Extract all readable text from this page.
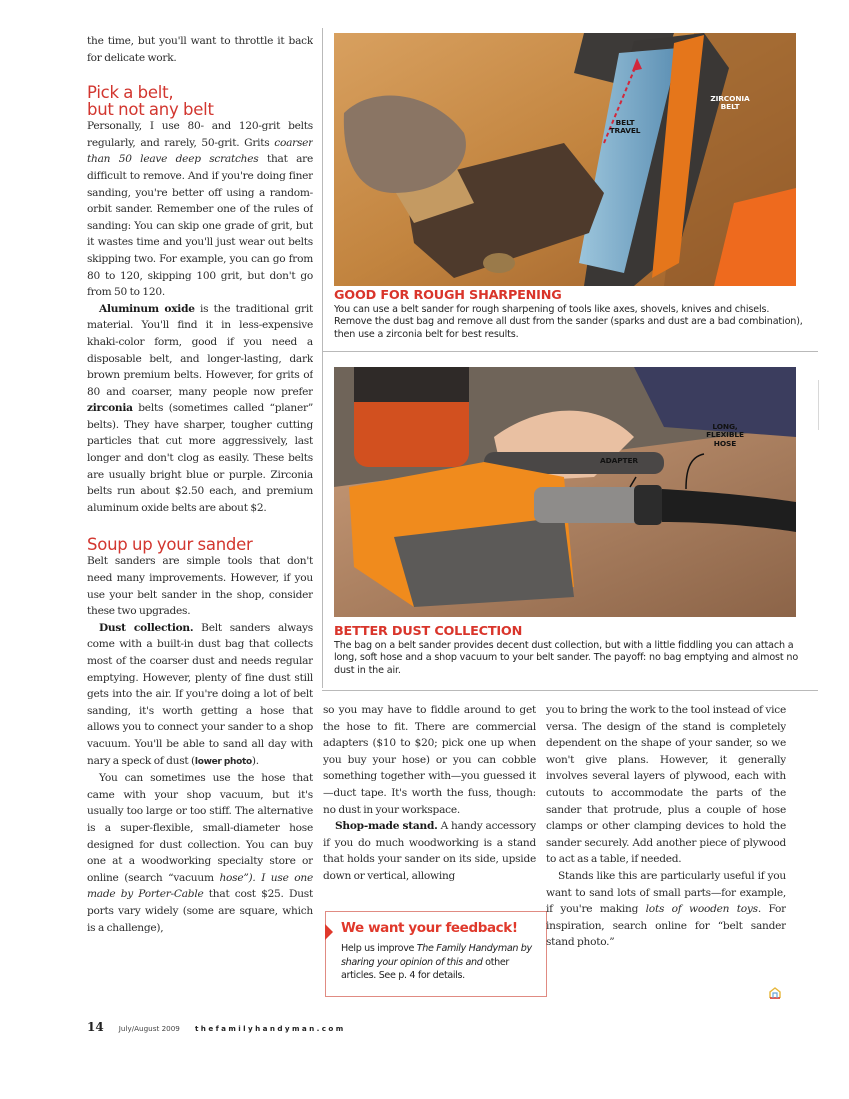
the time, but you'll want to throttle it back for delicate work.

Pick a belt,
but not any belt

Personally, I use 80- and 120-grit belts regularly, and rarely, 50-grit. Grits coarser than 50 leave deep scratches that are difficult to remove. And if you're doing finer sanding, you're better off using a random-orbit sander. Remember one of the rules of sanding: You can skip one grade of grit, but it wastes time and you'll just wear out belts skipping two. For example, you can go from 80 to 120, skipping 100 grit, but don't go from 50 to 120.

Aluminum oxide is the traditional grit material. You'll find it in less-expensive khaki-color form, good if you need a disposable belt, and longer-lasting, dark brown premium belts. However, for grits of 80 and coarser, many people now prefer zirconia belts (sometimes called “planer” belts). They have sharper, tougher cutting particles that cut more aggressively, last longer and don't clog as easily. These belts are usually bright blue or purple. Zirconia belts run about $2.50 each, and premium aluminum oxide belts are about $2.

Soup up your sander

Belt sanders are simple tools that don't need many improvements. However, if you use your belt sander in the shop, consider these two upgrades.

Dust collection. Belt sanders always come with a built-in dust bag that collects most of the coarser dust and needs regular emptying. However, plenty of fine dust still gets into the air. If you're doing a lot of belt sanding, it's worth getting a hose that allows you to connect your sander to a shop vacuum. You'll be able to sand all day with nary a speck of dust (lower photo).

You can sometimes use the hose that came with your shop vacuum, but it's usually too large or too stiff. The alternative is a super-flexible, small-diameter hose designed for dust collection. You can buy one at a woodworking specialty store or online (search “vacuum hose”). I use one made by Porter-Cable that cost $25. Dust ports vary widely (some are square, which is a challenge),

ZIRCONIA BELT
BELT TRAVEL
GOOD FOR ROUGH SHARPENING
You can use a belt sander for rough sharpening of tools like axes, shovels, knives and chisels. Remove the dust bag and remove all dust from the sander (sparks and dust are a bad combination), then use a zirconia belt for best results.
LONG, FLEXIBLE HOSE
ADAPTER
BETTER DUST COLLECTION
The bag on a belt sander provides decent dust collection, but with a little fiddling you can attach a long, soft hose and a shop vacuum to your belt sander. The payoff: no bag emptying and almost no dust in the air.

so you may have to fiddle around to get the hose to fit. There are commercial adapters ($10 to $20; pick one up when you buy your hose) or you can cobble something together with—you guessed it—duct tape. It's worth the fuss, though: no dust in your workspace.

Shop-made stand. A handy accessory if you do much woodworking is a stand that holds your sander on its side, upside down or vertical, allowing

We want your feedback!
Help us improve The Family Handyman by sharing your opinion of this and other articles. See p. 4 for details.

you to bring the work to the tool instead of vice versa. The design of the stand is completely dependent on the shape of your sander, so we won't give plans. However, it generally involves several layers of plywood, each with cutouts to accommodate the parts of the sander that protrude, plus a couple of hose clamps or other clamping devices to hold the sander securely. Add another piece of plywood to act as a table, if needed.

Stands like this are particularly useful if you want to sand lots of small parts—for example, if you're making lots of wooden toys. For inspiration, search online for “belt sander stand photo.”

14 July/August 2009 thefamilyhandyman.com
